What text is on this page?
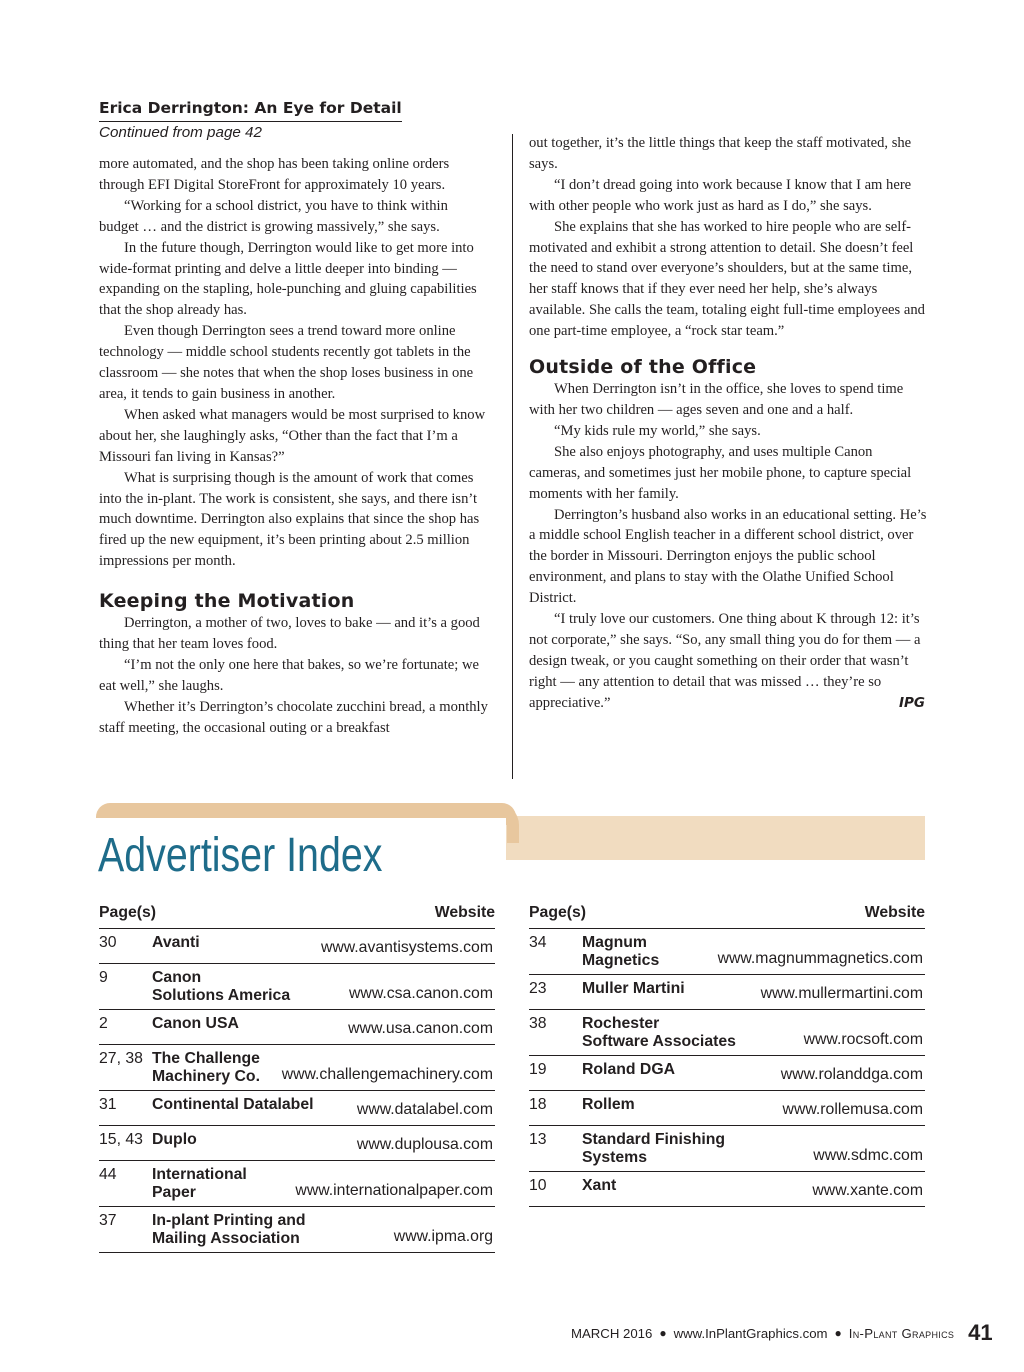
Erica Derrington: An Eye for Detail
Continued from page 42

more automated, and the shop has been taking online orders through EFI Digital StoreFront for approximately 10 years.

“Working for a school district, you have to think within budget … and the district is growing massively,” she says.

In the future though, Derrington would like to get more into wide-format printing and delve a little deeper into binding — expanding on the stapling, hole-punching and gluing capabilities that the shop already has.

Even though Derrington sees a trend toward more online technology — middle school students recently got tablets in the classroom — she notes that when the shop loses business in one area, it tends to gain business in another.

When asked what managers would be most surprised to know about her, she laughingly asks, “Other than the fact that I’m a Missouri fan living in Kansas?”

What is surprising though is the amount of work that comes into the in-plant. The work is consistent, she says, and there isn’t much downtime. Derrington also explains that since the shop has fired up the new equipment, it’s been printing about 2.5 million impressions per month.

Keeping the Motivation

Derrington, a mother of two, loves to bake — and it’s a good thing that her team loves food.

“I’m not the only one here that bakes, so we’re fortunate; we eat well,” she laughs.

Whether it’s Derrington’s chocolate zucchini bread, a monthly staff meeting, the occasional outing or a breakfast

out together, it’s the little things that keep the staff motivated, she says.

“I don’t dread going into work because I know that I am here with other people who work just as hard as I do,” she says.

She explains that she has worked to hire people who are self-motivated and exhibit a strong attention to detail. She doesn’t feel the need to stand over everyone’s shoulders, but at the same time, her staff knows that if they ever need her help, she’s always available. She calls the team, totaling eight full-time employees and one part-time employee, a “rock star team.”

Outside of the Office

When Derrington isn’t in the office, she loves to spend time with her two children — ages seven and one and a half.

“My kids rule my world,” she says.

She also enjoys photography, and uses multiple Canon cameras, and sometimes just her mobile phone, to capture special moments with her family.

Derrington’s husband also works in an educational setting. He’s a middle school English teacher in a different school district, over the border in Missouri. Derrington enjoys the public school environment, and plans to stay with the Olathe Unified School District.

“I truly love our customers. One thing about K through 12: it’s not corporate,” she says. “So, any small thing you do for them — a design tweak, or you caught something on their order that wasn’t right — any attention to detail that was missed … they’re so appreciative.”	IPG

Advertiser Index
Page(s)	Website
30 Avanti	www.avantisystems.com
9	Canon
Solutions America	www.csa.canon.com
2	Canon USA	www.usa.canon.com
27, 38 The Challenge
Machinery Co.	www.challengemachinery.com
31 Continental Datalabel	www.datalabel.com
15, 43 Duplo	www.duplousa.com
44 International
Paper	www.internationalpaper.com
37 In-plant Printing and
Mailing Association	www.ipma.org
Page(s)	Website
34 Magnum
Magnetics	www.magnummagnetics.com
23 Muller Martini	www.mullermartini.com
38 Rochester
Software Associates	www.rocsoft.com
19 Roland DGA	www.rolanddga.com
18 Rollem	www.rollemusa.com
13 Standard Finishing
Systems	www.sdmc.com
10 Xant	www.xante.com
MARCH 2016 ● www.InPlantGraphics.com ● In-Plant Graphics 41
